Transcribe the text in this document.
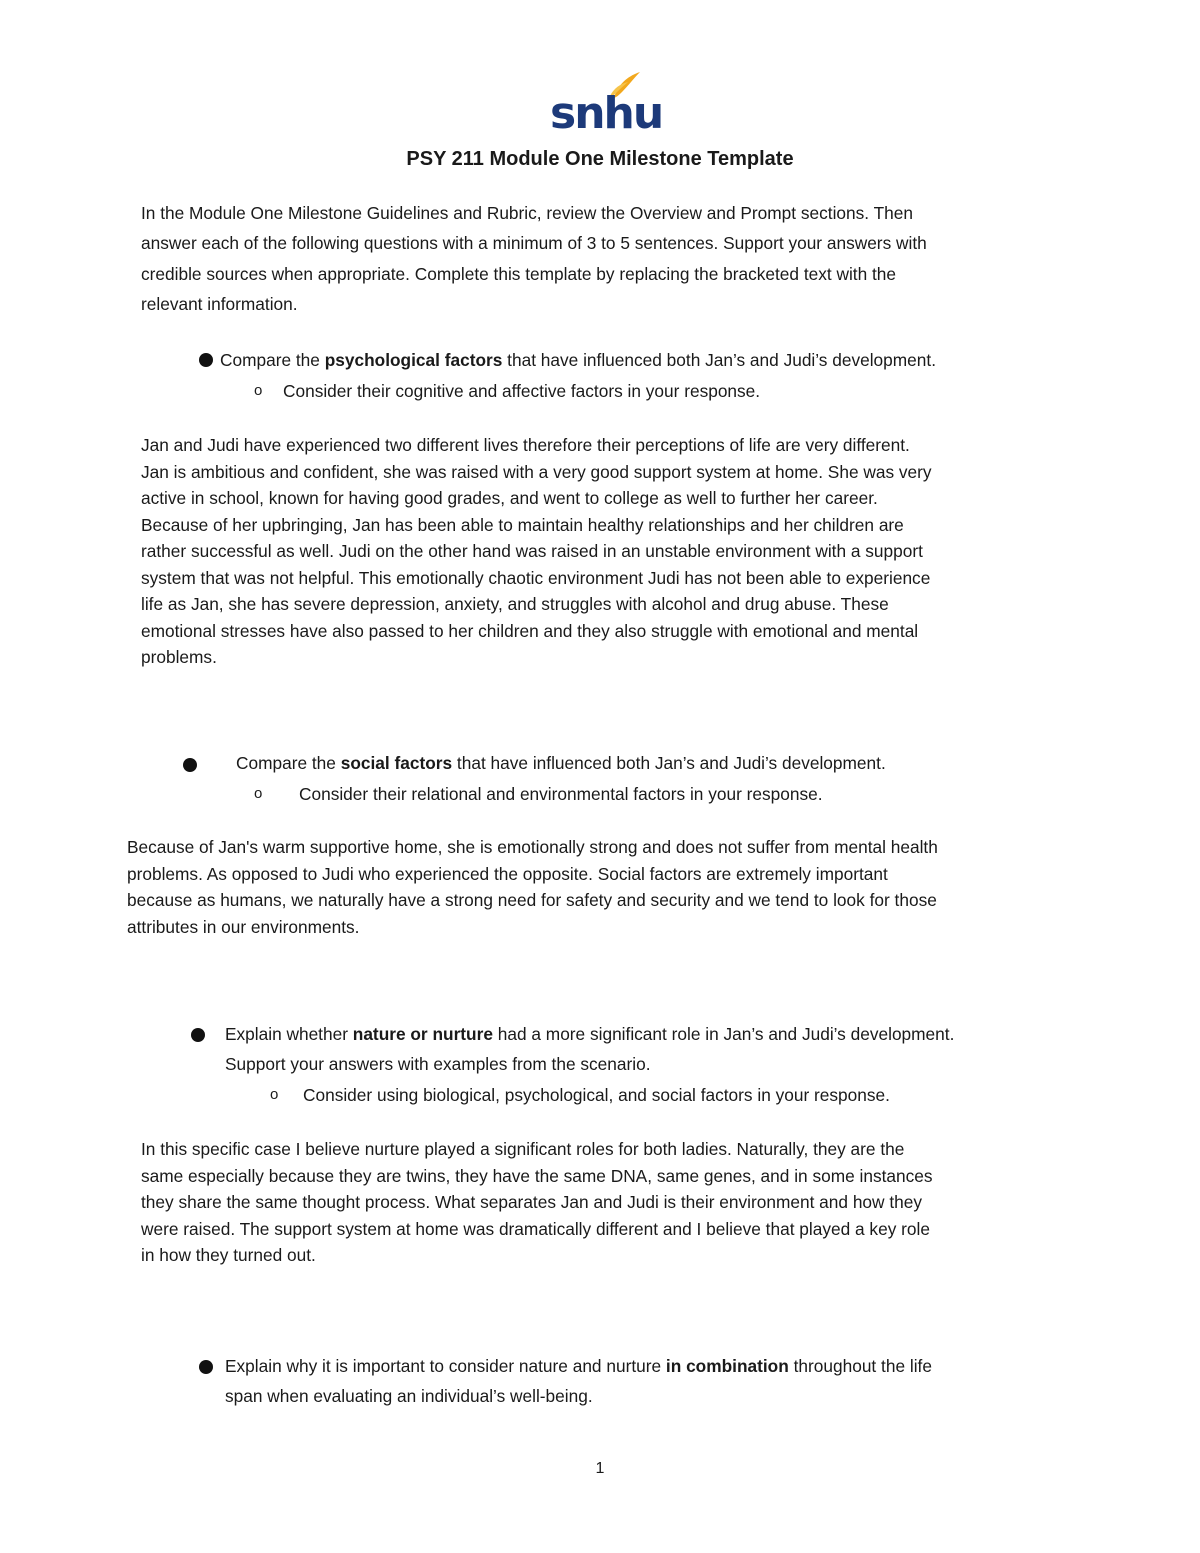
snhu
PSY 211 Module One Milestone Template
In the Module One Milestone Guidelines and Rubric, review the Overview and Prompt sections. Then
answer each of the following questions with a minimum of 3 to 5 sentences. Support your answers with
credible sources when appropriate. Complete this template by replacing the bracketed text with the
relevant information.
Compare the psychological factors that have influenced both Jan’s and Judi’s development.
o Consider their cognitive and affective factors in your response.
Jan and Judi have experienced two different lives therefore their perceptions of life are very different.
Jan is ambitious and confident, she was raised with a very good support system at home. She was very
active in school, known for having good grades, and went to college as well to further her career.
Because of her upbringing, Jan has been able to maintain healthy relationships and her children are
rather successful as well. Judi on the other hand was raised in an unstable environment with a support
system that was not helpful. This emotionally chaotic environment Judi has not been able to experience
life as Jan, she has severe depression, anxiety, and struggles with alcohol and drug abuse. These
emotional stresses have also passed to her children and they also struggle with emotional and mental
problems.
Compare the social factors that have influenced both Jan’s and Judi’s development.
o Consider their relational and environmental factors in your response.
Because of Jan's warm supportive home, she is emotionally strong and does not suffer from mental health
problems. As opposed to Judi who experienced the opposite. Social factors are extremely important
because as humans, we naturally have a strong need for safety and security and we tend to look for those
attributes in our environments.
Explain whether nature or nurture had a more significant role in Jan’s and Judi’s development.
Support your answers with examples from the scenario.
o Consider using biological, psychological, and social factors in your response.
In this specific case I believe nurture played a significant roles for both ladies. Naturally, they are the
same especially because they are twins, they have the same DNA, same genes, and in some instances
they share the same thought process. What separates Jan and Judi is their environment and how they
were raised. The support system at home was dramatically different and I believe that played a key role
in how they turned out.
Explain why it is important to consider nature and nurture in combination throughout the life
span when evaluating an individual’s well-being.
1
